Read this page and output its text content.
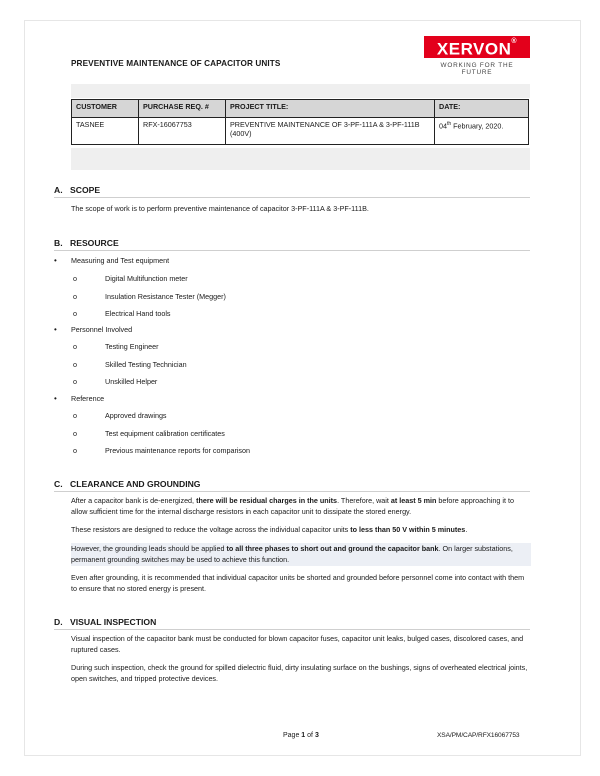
PREVENTIVE MAINTENANCE OF CAPACITOR UNITS
XERVON®
WORKING FOR THE FUTURE
CUSTOMER	PURCHASE REQ. #	PROJECT TITLE:	DATE:
TASNEE	RFX-16067753	PREVENTIVE MAINTENANCE OF 3-PF-111A & 3-PF-111B (400V)	04th February, 2020.
A. SCOPE
The scope of work is to perform preventive maintenance of capacitor 3-PF-111A & 3-PF-111B.
B. RESOURCE
• Measuring and Test equipment
o	Digital Multifunction meter
o	Insulation Resistance Tester (Megger)
o	Electrical Hand tools
• Personnel Involved
o	Testing Engineer
o	Skilled Testing Technician
o	Unskilled Helper
• Reference
o	Approved drawings
o	Test equipment calibration certificates
o	Previous maintenance reports for comparison
C. CLEARANCE AND GROUNDING
After a capacitor bank is de-energized, there will be residual charges in the units. Therefore, wait at least 5 min before approaching it to allow sufficient time for the internal discharge resistors in each capacitor unit to dissipate the stored energy.
These resistors are designed to reduce the voltage across the individual capacitor units to less than 50 V within 5 minutes.
However, the grounding leads should be applied to all three phases to short out and ground the capacitor bank. On larger substations, permanent grounding switches may be used to achieve this function.
Even after grounding, it is recommended that individual capacitor units be shorted and grounded before personnel come into contact with them to ensure that no stored energy is present.
D. VISUAL INSPECTION
Visual inspection of the capacitor bank must be conducted for blown capacitor fuses, capacitor unit leaks, bulged cases, discolored cases, and ruptured cases.
During such inspection, check the ground for spilled dielectric fluid, dirty insulating surface on the bushings, signs of overheated electrical joints, open switches, and tripped protective devices.
Page 1 of 3	XSA/PM/CAP/RFX16067753
